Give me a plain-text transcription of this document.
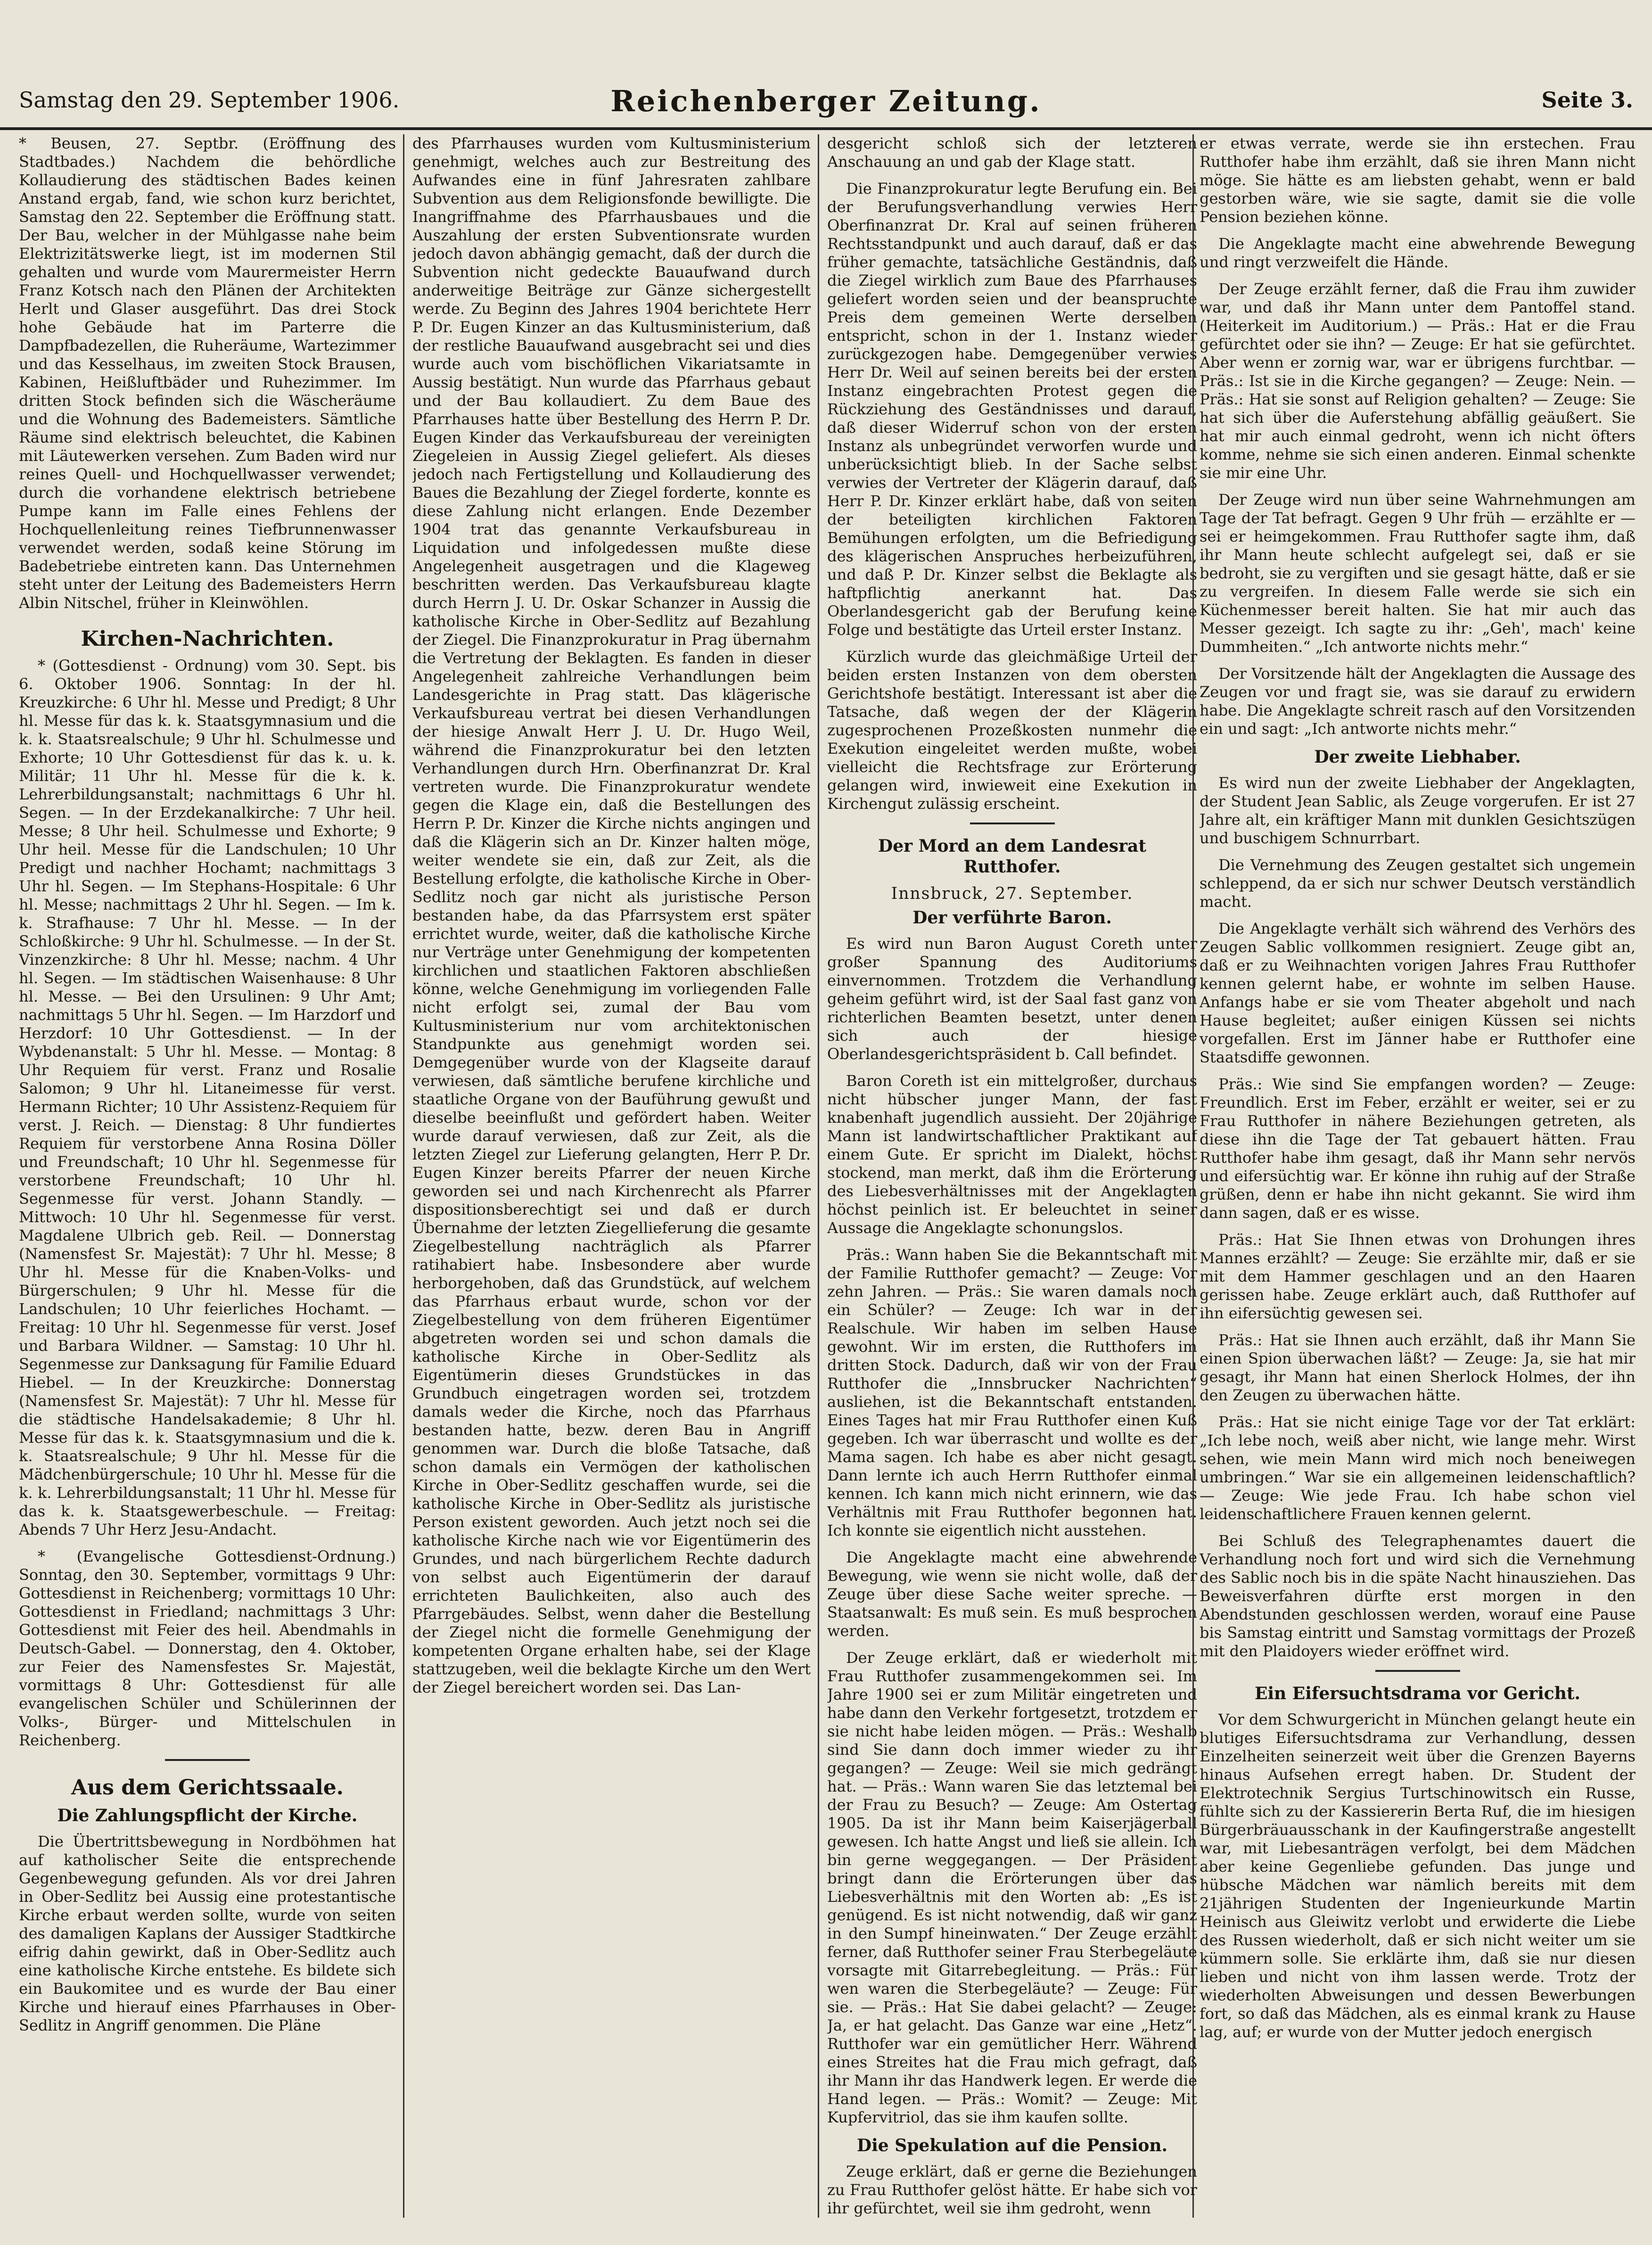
Samstag den 29. September 1906.	Reichenberger Zeitung.	Seite 3.

* Beusen, 27. Septbr. (Eröffnung des Stadtbades.) Nachdem die behördliche Kollaudierung des städtischen Bades keinen Anstand ergab, fand, wie schon kurz berichtet, Samstag den 22. September die Eröffnung statt. Der Bau, welcher in der Mühlgasse nahe beim Elektrizitätswerke liegt, ist im modernen Stil gehalten und wurde vom Maurermeister Herrn Franz Kotsch nach den Plänen der Architekten Herlt und Glaser ausgeführt. Das drei Stock hohe Gebäude hat im Parterre die Dampfbadezellen, die Ruheräume, Wartezimmer und das Kesselhaus, im zweiten Stock Brausen, Kabinen, Heißluftbäder und Ruhezimmer. Im dritten Stock befinden sich die Wäscheräume und die Wohnung des Bademeisters. Sämtliche Räume sind elektrisch beleuchtet, die Kabinen mit Läutewerken versehen. Zum Baden wird nur reines Quell- und Hochquellwasser verwendet; durch die vorhandene elektrisch betriebene Pumpe kann im Falle eines Fehlens der Hochquellenleitung reines Tiefbrunnenwasser verwendet werden, sodaß keine Störung im Badebetriebe eintreten kann. Das Unternehmen steht unter der Leitung des Bademeisters Herrn Albin Nitschel, früher in Kleinwöhlen.

Kirchen-Nachrichten.

* (Gottesdienst - Ordnung) vom 30. Sept. bis 6. Oktober 1906. Sonntag: In der hl. Kreuzkirche: 6 Uhr hl. Messe und Predigt; 8 Uhr hl. Messe für das k. k. Staatsgymnasium und die k. k. Staatsrealschule; 9 Uhr hl. Schulmesse und Exhorte; 10 Uhr Gottesdienst für das k. u. k. Militär; 11 Uhr hl. Messe für die k. k. Lehrerbildungsanstalt; nachmittags 6 Uhr hl. Segen. — In der Erzdekanalkirche: 7 Uhr heil. Messe; 8 Uhr heil. Schulmesse und Exhorte; 9 Uhr heil. Messe für die Landschulen; 10 Uhr Predigt und nachher Hochamt; nachmittags 3 Uhr hl. Segen. — Im Stephans-Hospitale: 6 Uhr hl. Messe; nachmittags 2 Uhr hl. Segen. — Im k. k. Strafhause: 7 Uhr hl. Messe. — In der Schloßkirche: 9 Uhr hl. Schulmesse. — In der St. Vinzenzkirche: 8 Uhr hl. Messe; nachm. 4 Uhr hl. Segen. — Im städtischen Waisenhause: 8 Uhr hl. Messe. — Bei den Ursulinen: 9 Uhr Amt; nachmittags 5 Uhr hl. Segen. — Im Harzdorf und Herzdorf: 10 Uhr Gottesdienst. — In der Wybdenanstalt: 5 Uhr hl. Messe. — Montag: 8 Uhr Requiem für verst. Franz und Rosalie Salomon; 9 Uhr hl. Litaneimesse für verst. Hermann Richter; 10 Uhr Assistenz-Requiem für verst. J. Reich. — Dienstag: 8 Uhr fundiertes Requiem für verstorbene Anna Rosina Döller und Freundschaft; 10 Uhr hl. Segenmesse für verstorbene Freundschaft; 10 Uhr hl. Segenmesse für verst. Johann Standly. — Mittwoch: 10 Uhr hl. Segenmesse für verst. Magdalene Ulbrich geb. Reil. — Donnerstag (Namensfest Sr. Majestät): 7 Uhr hl. Messe; 8 Uhr hl. Messe für die Knaben-Volks- und Bürgerschulen; 9 Uhr hl. Messe für die Landschulen; 10 Uhr feierliches Hochamt. — Freitag: 10 Uhr hl. Segenmesse für verst. Josef und Barbara Wildner. — Samstag: 10 Uhr hl. Segenmesse zur Danksagung für Familie Eduard Hiebel. — In der Kreuzkirche: Donnerstag (Namensfest Sr. Majestät): 7 Uhr hl. Messe für die städtische Handelsakademie; 8 Uhr hl. Messe für das k. k. Staatsgymnasium und die k. k. Staatsrealschule; 9 Uhr hl. Messe für die Mädchenbürgerschule; 10 Uhr hl. Messe für die k. k. Lehrerbildungsanstalt; 11 Uhr hl. Messe für das k. k. Staatsgewerbeschule. — Freitag: Abends 7 Uhr Herz Jesu-Andacht.

* (Evangelische Gottesdienst-Ordnung.) Sonntag, den 30. September, vormittags 9 Uhr: Gottesdienst in Reichenberg; vormittags 10 Uhr: Gottesdienst in Friedland; nachmittags 3 Uhr: Gottesdienst mit Feier des heil. Abendmahls in Deutsch-Gabel. — Donnerstag, den 4. Oktober, zur Feier des Namensfestes Sr. Majestät, vormittags 8 Uhr: Gottesdienst für alle evangelischen Schüler und Schülerinnen der Volks-, Bürger- und Mittelschulen in Reichenberg.

Aus dem Gerichtssaale.
Die Zahlungspflicht der Kirche.

Die Übertrittsbewegung in Nordböhmen hat auf katholischer Seite die entsprechende Gegenbewegung gefunden. Als vor drei Jahren in Ober-Sedlitz bei Aussig eine protestantische Kirche erbaut werden sollte, wurde von seiten des damaligen Kaplans der Aussiger Stadtkirche eifrig dahin gewirkt, daß in Ober-Sedlitz auch eine katholische Kirche entstehe. Es bildete sich ein Baukomitee und es wurde der Bau einer Kirche und hierauf eines Pfarrhauses in Ober-Sedlitz in Angriff genommen. Die Pläne

des Pfarrhauses wurden vom Kultusministerium genehmigt, welches auch zur Bestreitung des Aufwandes eine in fünf Jahresraten zahlbare Subvention aus dem Religionsfonde bewilligte. Die Inangriffnahme des Pfarrhausbaues und die Auszahlung der ersten Subventionsrate wurden jedoch davon abhängig gemacht, daß der durch die Subvention nicht gedeckte Bauaufwand durch anderweitige Beiträge zur Gänze sichergestellt werde. Zu Beginn des Jahres 1904 berichtete Herr P. Dr. Eugen Kinzer an das Kultusministerium, daß der restliche Bauaufwand ausgebracht sei und dies wurde auch vom bischöflichen Vikariatsamte in Aussig bestätigt. Nun wurde das Pfarrhaus gebaut und der Bau kollaudiert. Zu dem Baue des Pfarrhauses hatte über Bestellung des Herrn P. Dr. Eugen Kinder das Verkaufsbureau der vereinigten Ziegeleien in Aussig Ziegel geliefert. Als dieses jedoch nach Fertigstellung und Kollaudierung des Baues die Bezahlung der Ziegel forderte, konnte es diese Zahlung nicht erlangen. Ende Dezember 1904 trat das genannte Verkaufsbureau in Liquidation und infolgedessen mußte diese Angelegenheit ausgetragen und die Klageweg beschritten werden. Das Verkaufsbureau klagte durch Herrn J. U. Dr. Oskar Schanzer in Aussig die katholische Kirche in Ober-Sedlitz auf Bezahlung der Ziegel. Die Finanzprokuratur in Prag übernahm die Vertretung der Beklagten. Es fanden in dieser Angelegenheit zahlreiche Verhandlungen beim Landesgerichte in Prag statt. Das klägerische Verkaufsbureau vertrat bei diesen Verhandlungen der hiesige Anwalt Herr J. U. Dr. Hugo Weil, während die Finanzprokuratur bei den letzten Verhandlungen durch Hrn. Oberfinanzrat Dr. Kral vertreten wurde. Die Finanzprokuratur wendete gegen die Klage ein, daß die Bestellungen des Herrn P. Dr. Kinzer die Kirche nichts angingen und daß die Klägerin sich an Dr. Kinzer halten möge, weiter wendete sie ein, daß zur Zeit, als die Bestellung erfolgte, die katholische Kirche in Ober-Sedlitz noch gar nicht als juristische Person bestanden habe, da das Pfarrsystem erst später errichtet wurde, weiter, daß die katholische Kirche nur Verträge unter Genehmigung der kompetenten kirchlichen und staatlichen Faktoren abschließen könne, welche Genehmigung im vorliegenden Falle nicht erfolgt sei, zumal der Bau vom Kultusministerium nur vom architektonischen Standpunkte aus genehmigt worden sei. Demgegenüber wurde von der Klagseite darauf verwiesen, daß sämtliche berufene kirchliche und staatliche Organe von der Bauführung gewußt und dieselbe beeinflußt und gefördert haben. Weiter wurde darauf verwiesen, daß zur Zeit, als die letzten Ziegel zur Lieferung gelangten, Herr P. Dr. Eugen Kinzer bereits Pfarrer der neuen Kirche geworden sei und nach Kirchenrecht als Pfarrer dispositionsberechtigt sei und daß er durch Übernahme der letzten Ziegellieferung die gesamte Ziegelbestellung nachträglich als Pfarrer ratihabiert habe. Insbesondere aber wurde herborgehoben, daß das Grundstück, auf welchem das Pfarrhaus erbaut wurde, schon vor der Ziegelbestellung von dem früheren Eigentümer abgetreten worden sei und schon damals die katholische Kirche in Ober-Sedlitz als Eigentümerin dieses Grundstückes in das Grundbuch eingetragen worden sei, trotzdem damals weder die Kirche, noch das Pfarrhaus bestanden hatte, bezw. deren Bau in Angriff genommen war. Durch die bloße Tatsache, daß schon damals ein Vermögen der katholischen Kirche in Ober-Sedlitz geschaffen wurde, sei die katholische Kirche in Ober-Sedlitz als juristische Person existent geworden. Auch jetzt noch sei die katholische Kirche nach wie vor Eigentümerin des Grundes, und nach bürgerlichem Rechte dadurch von selbst auch Eigentümerin der darauf errichteten Baulichkeiten, also auch des Pfarrgebäudes. Selbst, wenn daher die Bestellung der Ziegel nicht die formelle Genehmigung der kompetenten Organe erhalten habe, sei der Klage stattzugeben, weil die beklagte Kirche um den Wert der Ziegel bereichert worden sei. Das Lan-

desgericht schloß sich der letzteren Anschauung an und gab der Klage statt.

Die Finanzprokuratur legte Berufung ein. Bei der Berufungsverhandlung verwies Herr Oberfinanzrat Dr. Kral auf seinen früheren Rechtsstandpunkt und auch darauf, daß er das früher gemachte, tatsächliche Geständnis, daß die Ziegel wirklich zum Baue des Pfarrhauses geliefert worden seien und der beanspruchte Preis dem gemeinen Werte derselben entspricht, schon in der 1. Instanz wieder zurückgezogen habe. Demgegenüber verwies Herr Dr. Weil auf seinen bereits bei der ersten Instanz eingebrachten Protest gegen die Rückziehung des Geständnisses und darauf, daß dieser Widerruf schon von der ersten Instanz als unbegründet verworfen wurde und unberücksichtigt blieb. In der Sache selbst verwies der Vertreter der Klägerin darauf, daß Herr P. Dr. Kinzer erklärt habe, daß von seiten der beteiligten kirchlichen Faktoren Bemühungen erfolgten, um die Befriedigung des klägerischen Anspruches herbeizuführen, und daß P. Dr. Kinzer selbst die Beklagte als haftpflichtig anerkannt hat. Das Oberlandesgericht gab der Berufung keine Folge und bestätigte das Urteil erster Instanz.

Kürzlich wurde das gleichmäßige Urteil der beiden ersten Instanzen von dem obersten Gerichtshofe bestätigt. Interessant ist aber die Tatsache, daß wegen der der Klägerin zugesprochenen Prozeßkosten nunmehr die Exekution eingeleitet werden mußte, wobei vielleicht die Rechtsfrage zur Erörterung gelangen wird, inwieweit eine Exekution in Kirchengut zulässig erscheint.

Der Mord an dem Landesrat Rutthofer.
Innsbruck, 27. September.
Der verführte Baron.

Es wird nun Baron August Coreth unter großer Spannung des Auditoriums einvernommen. Trotzdem die Verhandlung geheim geführt wird, ist der Saal fast ganz von richterlichen Beamten besetzt, unter denen sich auch der hiesige Oberlandesgerichtspräsident b. Call befindet.

Baron Coreth ist ein mittelgroßer, durchaus nicht hübscher junger Mann, der fast knabenhaft jugendlich aussieht. Der 20jährige Mann ist landwirtschaftlicher Praktikant auf einem Gute. Er spricht im Dialekt, höchst stockend, man merkt, daß ihm die Erörterung des Liebesverhältnisses mit der Angeklagten höchst peinlich ist. Er beleuchtet in seiner Aussage die Angeklagte schonungslos.

Präs.: Wann haben Sie die Bekanntschaft mit der Familie Rutthofer gemacht? — Zeuge: Vor zehn Jahren. — Präs.: Sie waren damals noch ein Schüler? — Zeuge: Ich war in der Realschule. Wir haben im selben Hause gewohnt. Wir im ersten, die Rutthofers im dritten Stock. Dadurch, daß wir von der Frau Rutthofer die „Innsbrucker Nachrichten“ ausliehen, ist die Bekanntschaft entstanden. Eines Tages hat mir Frau Rutthofer einen Kuß gegeben. Ich war überrascht und wollte es der Mama sagen. Ich habe es aber nicht gesagt. Dann lernte ich auch Herrn Rutthofer einmal kennen. Ich kann mich nicht erinnern, wie das Verhältnis mit Frau Rutthofer begonnen hat. Ich konnte sie eigentlich nicht ausstehen.

Die Angeklagte macht eine abwehrende Bewegung, wie wenn sie nicht wolle, daß der Zeuge über diese Sache weiter spreche. — Staatsanwalt: Es muß sein. Es muß besprochen werden.

Der Zeuge erklärt, daß er wiederholt mit Frau Rutthofer zusammengekommen sei. Im Jahre 1900 sei er zum Militär eingetreten und habe dann den Verkehr fortgesetzt, trotzdem er sie nicht habe leiden mögen. — Präs.: Weshalb sind Sie dann doch immer wieder zu ihr gegangen? — Zeuge: Weil sie mich gedrängt hat. — Präs.: Wann waren Sie das letztemal bei der Frau zu Besuch? — Zeuge: Am Ostertag 1905. Da ist ihr Mann beim Kaiserjägerball gewesen. Ich hatte Angst und ließ sie allein. Ich bin gerne weggegangen. — Der Präsident bringt dann die Erörterungen über das Liebesverhältnis mit den Worten ab: „Es ist genügend. Es ist nicht notwendig, daß wir ganz in den Sumpf hineinwaten.“ Der Zeuge erzählt ferner, daß Rutthofer seiner Frau Sterbegeläute vorsagte mit Gitarrebegleitung. — Präs.: Für wen waren die Sterbegeläute? — Zeuge: Für sie. — Präs.: Hat Sie dabei gelacht? — Zeuge: Ja, er hat gelacht. Das Ganze war eine „Hetz“. Rutthofer war ein gemütlicher Herr. Während eines Streites hat die Frau mich gefragt, daß ihr Mann ihr das Handwerk legen. Er werde die Hand legen. — Präs.: Womit? — Zeuge: Mit Kupfervitriol, das sie ihm kaufen sollte.

Die Spekulation auf die Pension.

Zeuge erklärt, daß er gerne die Beziehungen zu Frau Rutthofer gelöst hätte. Er habe sich vor ihr gefürchtet, weil sie ihm gedroht, wenn

er etwas verrate, werde sie ihn erstechen. Frau Rutthofer habe ihm erzählt, daß sie ihren Mann nicht möge. Sie hätte es am liebsten gehabt, wenn er bald gestorben wäre, wie sie sagte, damit sie die volle Pension beziehen könne.

Die Angeklagte macht eine abwehrende Bewegung und ringt verzweifelt die Hände.

Der Zeuge erzählt ferner, daß die Frau ihm zuwider war, und daß ihr Mann unter dem Pantoffel stand. (Heiterkeit im Auditorium.) — Präs.: Hat er die Frau gefürchtet oder sie ihn? — Zeuge: Er hat sie gefürchtet. Aber wenn er zornig war, war er übrigens furchtbar. — Präs.: Ist sie in die Kirche gegangen? — Zeuge: Nein. — Präs.: Hat sie sonst auf Religion gehalten? — Zeuge: Sie hat sich über die Auferstehung abfällig geäußert. Sie hat mir auch einmal gedroht, wenn ich nicht öfters komme, nehme sie sich einen anderen. Einmal schenkte sie mir eine Uhr.

Der Zeuge wird nun über seine Wahrnehmungen am Tage der Tat befragt. Gegen 9 Uhr früh — erzählte er — sei er heimgekommen. Frau Rutthofer sagte ihm, daß ihr Mann heute schlecht aufgelegt sei, daß er sie bedroht, sie zu vergiften und sie gesagt hätte, daß er sie zu vergreifen. In diesem Falle werde sie sich ein Küchenmesser bereit halten. Sie hat mir auch das Messer gezeigt. Ich sagte zu ihr: „Geh', mach' keine Dummheiten.“ „Ich antworte nichts mehr.“

Der Vorsitzende hält der Angeklagten die Aussage des Zeugen vor und fragt sie, was sie darauf zu erwidern habe. Die Angeklagte schreit rasch auf den Vorsitzenden ein und sagt: „Ich antworte nichts mehr.“

Der zweite Liebhaber.

Es wird nun der zweite Liebhaber der Angeklagten, der Student Jean Sablic, als Zeuge vorgerufen. Er ist 27 Jahre alt, ein kräftiger Mann mit dunklen Gesichtszügen und buschigem Schnurrbart.

Die Vernehmung des Zeugen gestaltet sich ungemein schleppend, da er sich nur schwer Deutsch verständlich macht.

Die Angeklagte verhält sich während des Verhörs des Zeugen Sablic vollkommen resigniert. Zeuge gibt an, daß er zu Weihnachten vorigen Jahres Frau Rutthofer kennen gelernt habe, er wohnte im selben Hause. Anfangs habe er sie vom Theater abgeholt und nach Hause begleitet; außer einigen Küssen sei nichts vorgefallen. Erst im Jänner habe er Rutthofer eine Staatsdiffe gewonnen.

Präs.: Wie sind Sie empfangen worden? — Zeuge: Freundlich. Erst im Feber, erzählt er weiter, sei er zu Frau Rutthofer in nähere Beziehungen getreten, als diese ihn die Tage der Tat gebauert hätten. Frau Rutthofer habe ihm gesagt, daß ihr Mann sehr nervös und eifersüchtig war. Er könne ihn ruhig auf der Straße grüßen, denn er habe ihn nicht gekannt. Sie wird ihm dann sagen, daß er es wisse.

Präs.: Hat Sie Ihnen etwas von Drohungen ihres Mannes erzählt? — Zeuge: Sie erzählte mir, daß er sie mit dem Hammer geschlagen und an den Haaren gerissen habe. Zeuge erklärt auch, daß Rutthofer auf ihn eifersüchtig gewesen sei.

Präs.: Hat sie Ihnen auch erzählt, daß ihr Mann Sie einen Spion überwachen läßt? — Zeuge: Ja, sie hat mir gesagt, ihr Mann hat einen Sherlock Holmes, der ihn den Zeugen zu überwachen hätte.

Präs.: Hat sie nicht einige Tage vor der Tat erklärt: „Ich lebe noch, weiß aber nicht, wie lange mehr. Wirst sehen, wie mein Mann wird mich noch beneiwegen umbringen.“ War sie ein allgemeinen leidenschaftlich? — Zeuge: Wie jede Frau. Ich habe schon viel leidenschaftlichere Frauen kennen gelernt.

Bei Schluß des Telegraphenamtes dauert die Verhandlung noch fort und wird sich die Vernehmung des Sablic noch bis in die späte Nacht hinausziehen. Das Beweisverfahren dürfte erst morgen in den Abendstunden geschlossen werden, worauf eine Pause bis Samstag eintritt und Samstag vormittags der Prozeß mit den Plaidoyers wieder eröffnet wird.

Ein Eifersuchtsdrama vor Gericht.

Vor dem Schwurgericht in München gelangt heute ein blutiges Eifersuchtsdrama zur Verhandlung, dessen Einzelheiten seinerzeit weit über die Grenzen Bayerns hinaus Aufsehen erregt haben. Dr. Student der Elektrotechnik Sergius Turtschinowitsch ein Russe, fühlte sich zu der Kassiererin Berta Ruf, die im hiesigen Bürgerbräuausschank in der Kaufingerstraße angestellt war, mit Liebesanträgen verfolgt, bei dem Mädchen aber keine Gegenliebe gefunden. Das junge und hübsche Mädchen war nämlich bereits mit dem 21jährigen Studenten der Ingenieurkunde Martin Heinisch aus Gleiwitz verlobt und erwiderte die Liebe des Russen wiederholt, daß er sich nicht weiter um sie kümmern solle. Sie erklärte ihm, daß sie nur diesen lieben und nicht von ihm lassen werde. Trotz der wiederholten Abweisungen und dessen Bewerbungen fort, so daß das Mädchen, als es einmal krank zu Hause lag, auf; er wurde von der Mutter jedoch energisch
